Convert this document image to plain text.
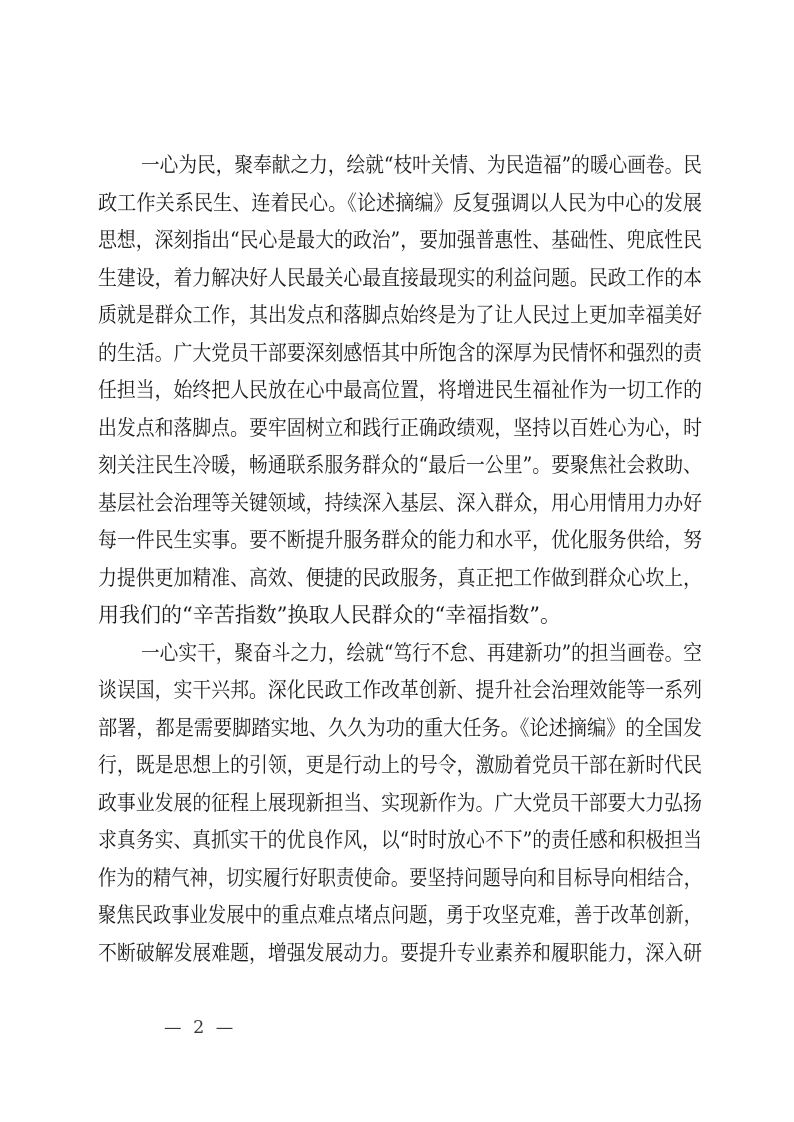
一心为民，聚奉献之力，绘就“枝叶关情、为民造福”的暖心画卷。民
政工作关系民生、连着民心。《论述摘编》反复强调以人民为中心的发展
思想，深刻指出“民心是最大的政治”，要加强普惠性、基础性、兜底性民
生建设，着力解决好人民最关心最直接最现实的利益问题。民政工作的本
质就是群众工作，其出发点和落脚点始终是为了让人民过上更加幸福美好
的生活。广大党员干部要深刻感悟其中所饱含的深厚为民情怀和强烈的责
任担当，始终把人民放在心中最高位置，将增进民生福祉作为一切工作的
出发点和落脚点。要牢固树立和践行正确政绩观，坚持以百姓心为心，时
刻关注民生冷暖，畅通联系服务群众的“最后一公里”。要聚焦社会救助、
基层社会治理等关键领域，持续深入基层、深入群众，用心用情用力办好
每一件民生实事。要不断提升服务群众的能力和水平，优化服务供给，努
力提供更加精准、高效、便捷的民政服务，真正把工作做到群众心坎上，
用我们的“辛苦指数”换取人民群众的“幸福指数”。
一心实干，聚奋斗之力，绘就“笃行不怠、再建新功”的担当画卷。空
谈误国，实干兴邦。深化民政工作改革创新、提升社会治理效能等一系列
部署，都是需要脚踏实地、久久为功的重大任务。《论述摘编》的全国发
行，既是思想上的引领，更是行动上的号令，激励着党员干部在新时代民
政事业发展的征程上展现新担当、实现新作为。广大党员干部要大力弘扬
求真务实、真抓实干的优良作风，以“时时放心不下”的责任感和积极担当
作为的精气神，切实履行好职责使命。要坚持问题导向和目标导向相结合，
聚焦民政事业发展中的重点难点堵点问题，勇于攻坚克难，善于改革创新，
不断破解发展难题，增强发展动力。要提升专业素养和履职能力，深入研
— 2 —
